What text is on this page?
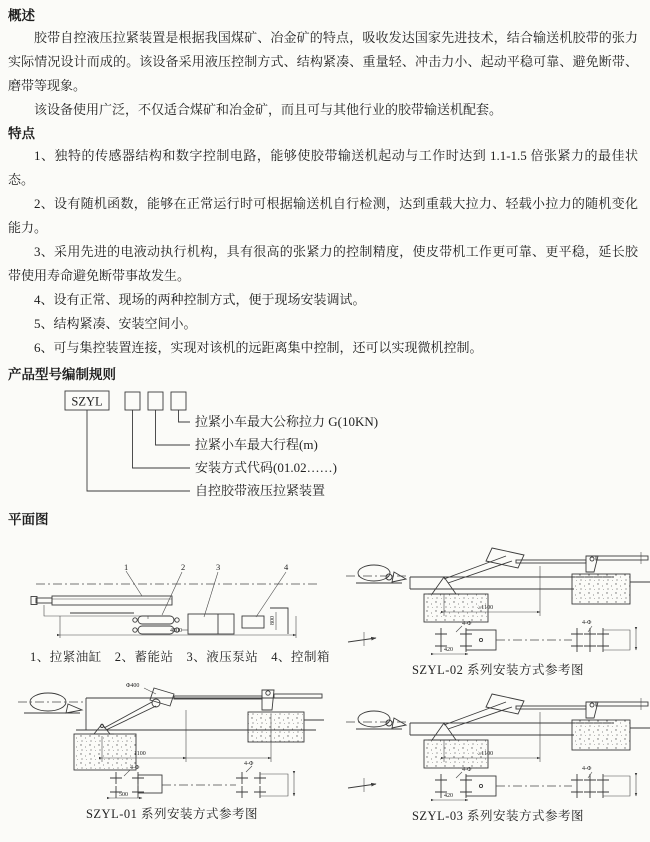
概述

胶带自控液压拉紧装置是根据我国煤矿、冶金矿的特点，吸收发达国家先进技术，结合输送机胶带的张力实际情况设计而成的。该设备采用液压控制方式、结构紧凑、重量轻、冲击力小、起动平稳可靠、避免断带、磨带等现象。

该设备使用广泛，不仅适合煤矿和冶金矿，而且可与其他行业的胶带输送机配套。

特点

1、独特的传感器结构和数字控制电路，能够使胶带输送机起动与工作时达到 1.1-1.5 倍张紧力的最佳状态。

2、设有随机函数，能够在正常运行时可根据输送机自行检测，达到重载大拉力、轻载小拉力的随机变化能力。

3、采用先进的电液动执行机构，具有很高的张紧力的控制精度，使皮带机工作更可靠、更平稳，延长胶带使用寿命避免断带事故发生。

4、设有正常、现场的两种控制方式，便于现场安装调试。

5、结构紧凑、安装空间小。

6、可与集控装置连接，实现对该机的远距离集中控制，还可以实现微机控制。

产品型号编制规则
SZYL
拉紧小车最大公称拉力 G(10KN)
拉紧小车最大行程(m)
安装方式代码(01.02……)
自控胶带液压拉紧装置
平面图
1	2	3	4
800
4100
1、拉紧油缸　2、蓄能站　3、液压泵站　4、控制箱
≥1100
4-Φ
420
4-Φ
SZYL-02 系列安装方式参考图
Φ400
1100
4-Φ
500
4-Φ
SZYL-01 系列安装方式参考图
≥1100
4-Φ
420
4-Φ
SZYL-03 系列安装方式参考图
